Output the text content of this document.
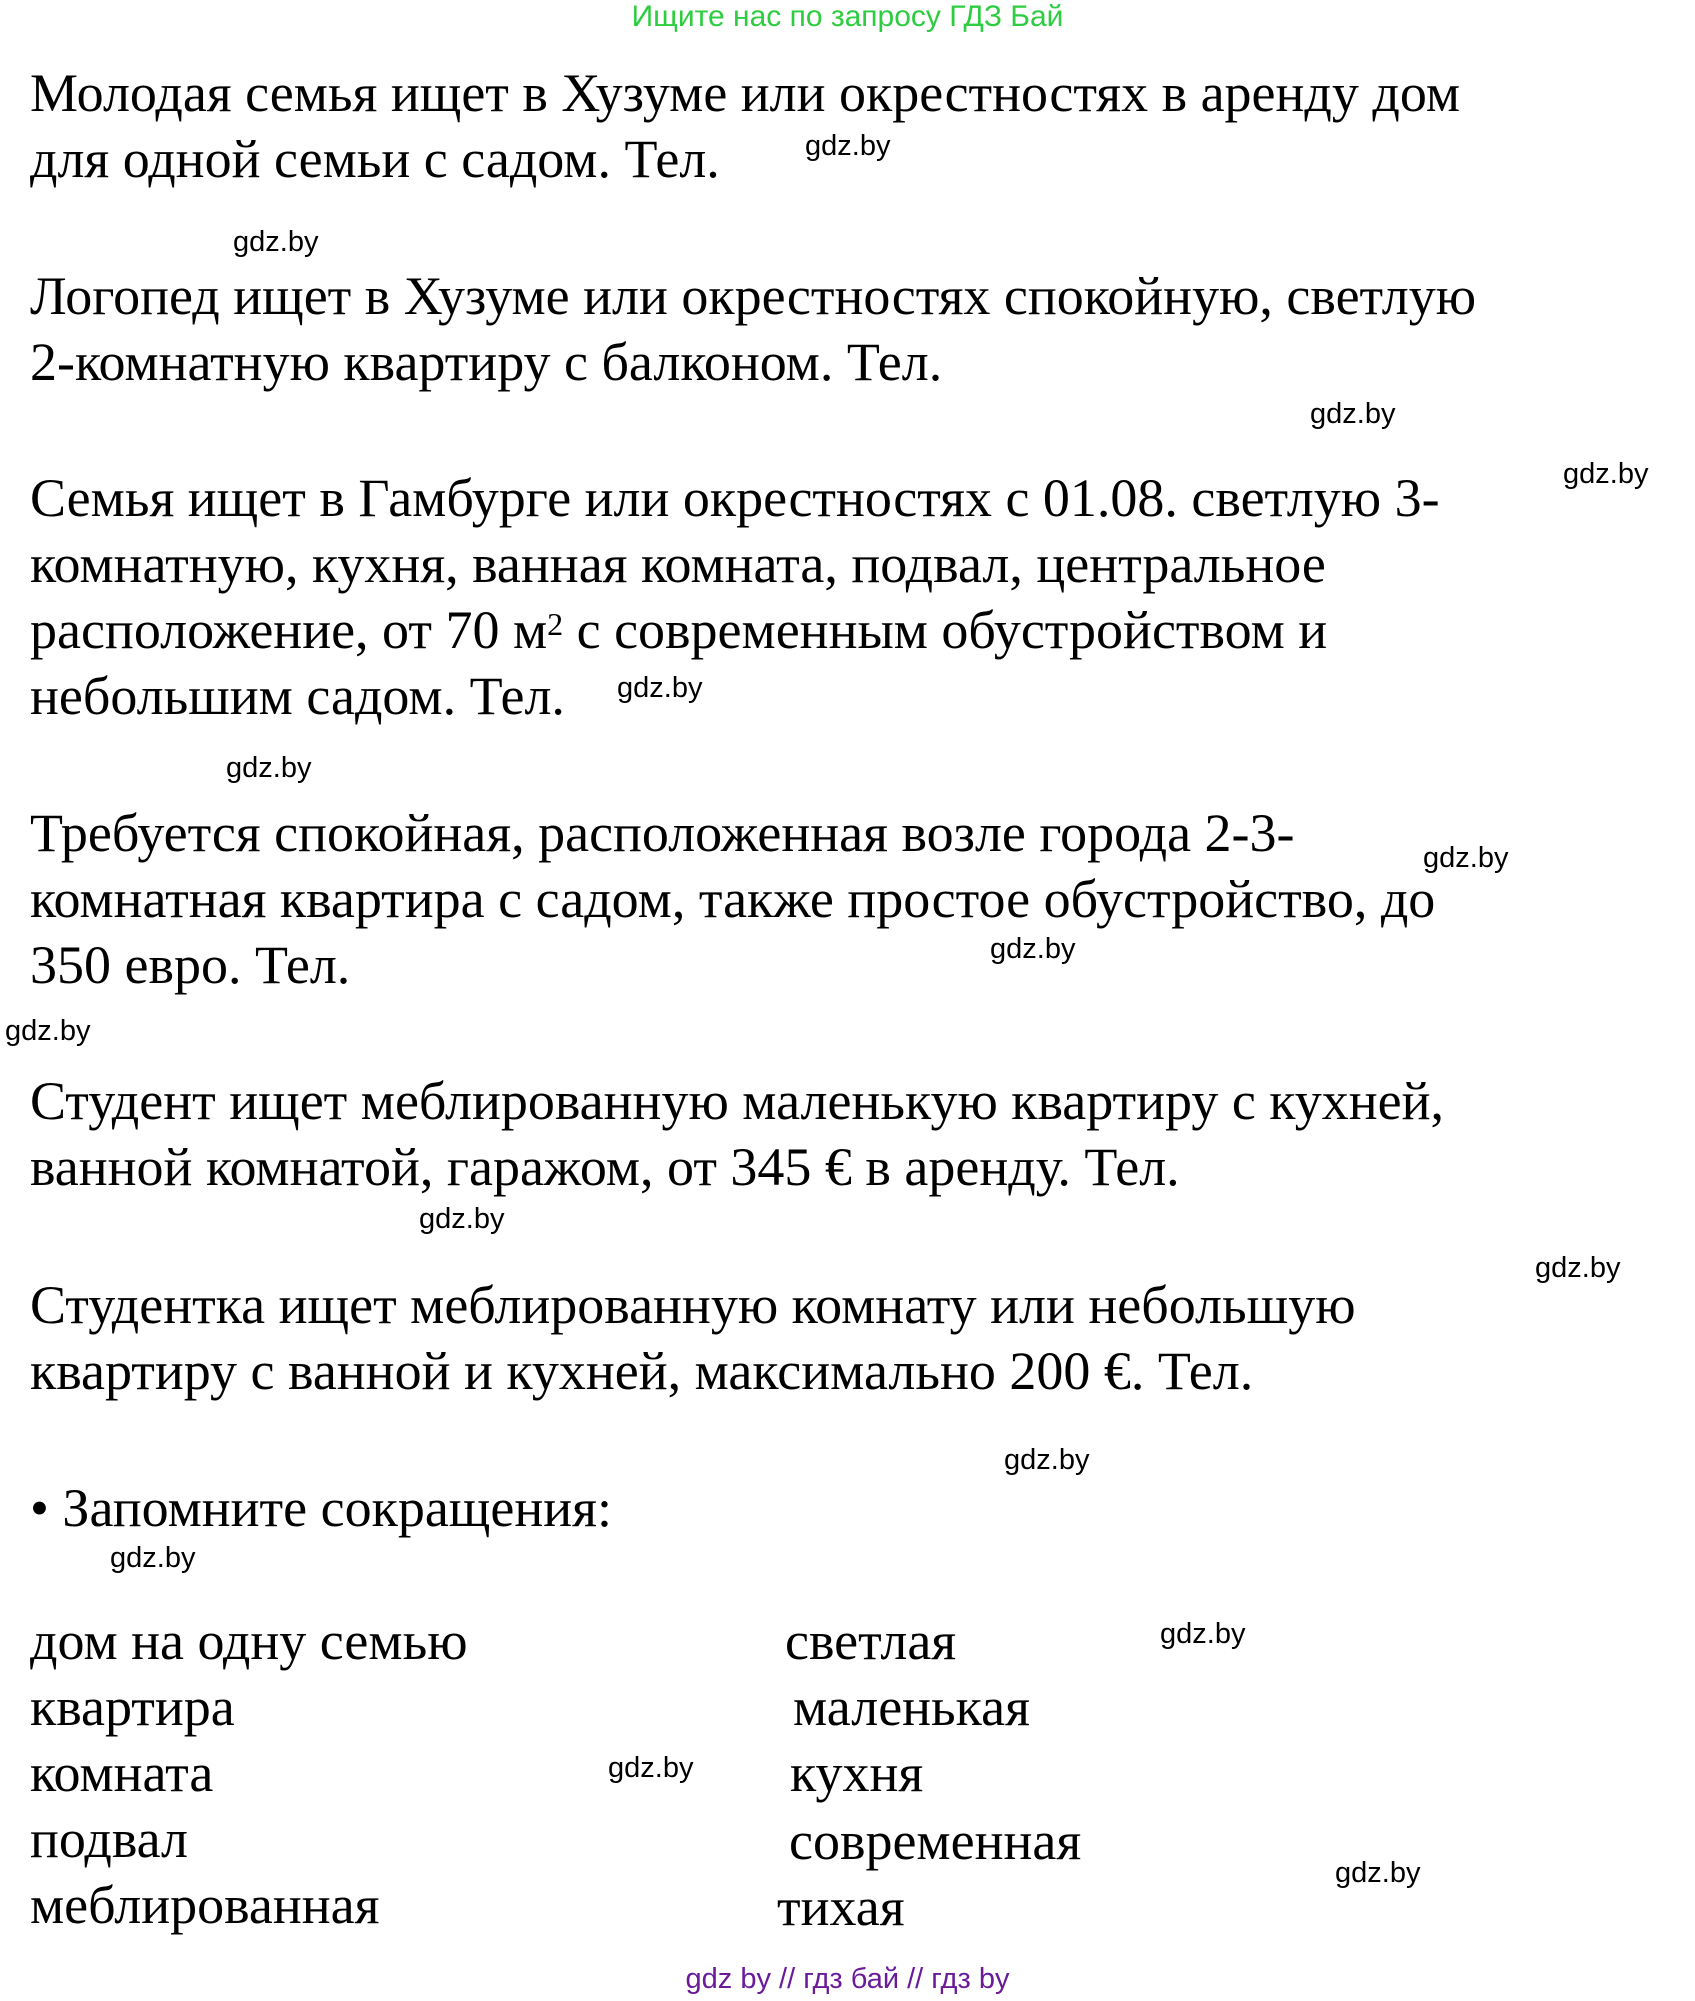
Ищите нас по запросу ГДЗ Бай
Молодая семья ищет в Хузуме или окрестностях в аренду дом
для одной семьи с садом. Тел.
Логопед ищет в Хузуме или окрестностях спокойную, светлую
2-комнатную квартиру с балконом. Тел.
Семья ищет в Гамбурге или окрестностях с 01.08. светлую 3-
комнатную, кухня, ванная комната, подвал, центральное
расположение, от 70 $м^2$ с современным обустройством и
небольшим садом. Тел.
Требуется спокойная, расположенная возле города 2-3-
комнатная квартира с садом, также простое обустройство, до
350 евро. Тел.
Студент ищет меблированную маленькую квартиру с кухней,
ванной комнатой, гаражом, от 345 € в аренду. Тел.
Студентка ищет меблированную комнату или небольшую
квартиру с ванной и кухней, максимально 200 €. Тел.
• Запомните сокращения:
дом на одну семью
квартира
комната
подвал
меблированная
светлая
маленькая
кухня
современная
тихая
gdz.by
gdz.by
gdz.by
gdz.by
gdz.by
gdz.by
gdz.by
gdz.by
gdz.by
gdz.by
gdz.by
gdz.by
gdz.by
gdz.by
gdz.by
gdz.by
gdz by // гдз бай // гдз by
